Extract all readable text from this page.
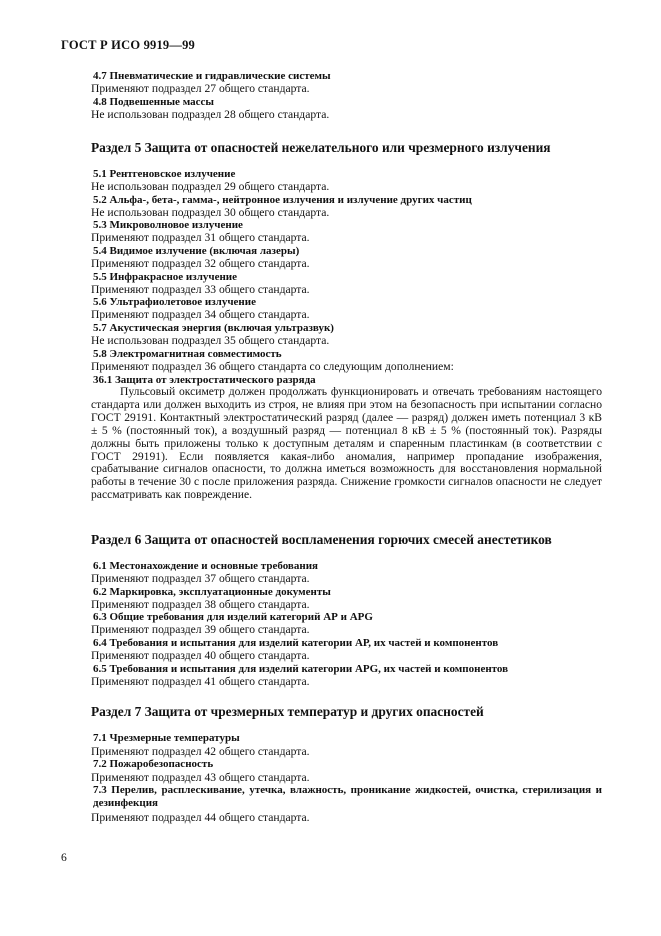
ГОСТ Р ИСО 9919—99
4.7 Пневматические и гидравлические системы
Применяют подраздел 27 общего стандарта.
4.8 Подвешенные массы
Не использован подраздел 28 общего стандарта.
Раздел 5 Защита от опасностей нежелательного или чрезмерного излучения
5.1 Рентгеновское излучение
Не использован подраздел 29 общего стандарта.
5.2 Альфа-, бета-, гамма-, нейтронное излучения и излучение других частиц
Не использован подраздел 30 общего стандарта.
5.3 Микроволновое излучение
Применяют подраздел 31 общего стандарта.
5.4 Видимое излучение (включая лазеры)
Применяют подраздел 32 общего стандарта.
5.5 Инфракрасное излучение
Применяют подраздел 33 общего стандарта.
5.6 Ультрафиолетовое излучение
Применяют подраздел 34 общего стандарта.
5.7 Акустическая энергия (включая ультразвук)
Не использован подраздел 35 общего стандарта.
5.8 Электромагнитная совместимость
Применяют подраздел 36 общего стандарта со следующим дополнением:
36.1 Защита от электростатического разряда
Пульсовый оксиметр должен продолжать функционировать и отвечать требованиям настоящего стандарта или должен выходить из строя, не влияя при этом на безопасность при испытании согласно ГОСТ 29191. Контактный электростатический разряд (далее — разряд) должен иметь потенциал 3 кВ ± 5 % (постоянный ток), а воздушный разряд — потенциал 8 кВ ± 5 % (постоянный ток). Разряды должны быть приложены только к доступным деталям и спаренным пластинкам (в соответствии с ГОСТ 29191). Если появляется какая-либо аномалия, например пропадание изображения, срабатывание сигналов опасности, то должна иметься возможность для восстановления нормальной работы в течение 30 с после приложения разряда. Снижение громкости сигналов опасности не следует рассматривать как повреждение.
Раздел 6 Защита от опасностей воспламенения горючих смесей анестетиков
6.1 Местонахождение и основные требования
Применяют подраздел 37 общего стандарта.
6.2 Маркировка, эксплуатационные документы
Применяют подраздел 38 общего стандарта.
6.3 Общие требования для изделий категорий АР и APG
Применяют подраздел 39 общего стандарта.
6.4 Требования и испытания для изделий категории АР, их частей и компонентов
Применяют подраздел 40 общего стандарта.
6.5 Требования и испытания для изделий категории APG, их частей и компонентов
Применяют подраздел 41 общего стандарта.
Раздел 7 Защита от чрезмерных температур и других опасностей
7.1 Чрезмерные температуры
Применяют подраздел 42 общего стандарта.
7.2 Пожаробезопасность
Применяют подраздел 43 общего стандарта.
7.3 Перелив, расплескивание, утечка, влажность, проникание жидкостей, очистка, стерилизация и дезинфекция
Применяют подраздел 44 общего стандарта.
6
